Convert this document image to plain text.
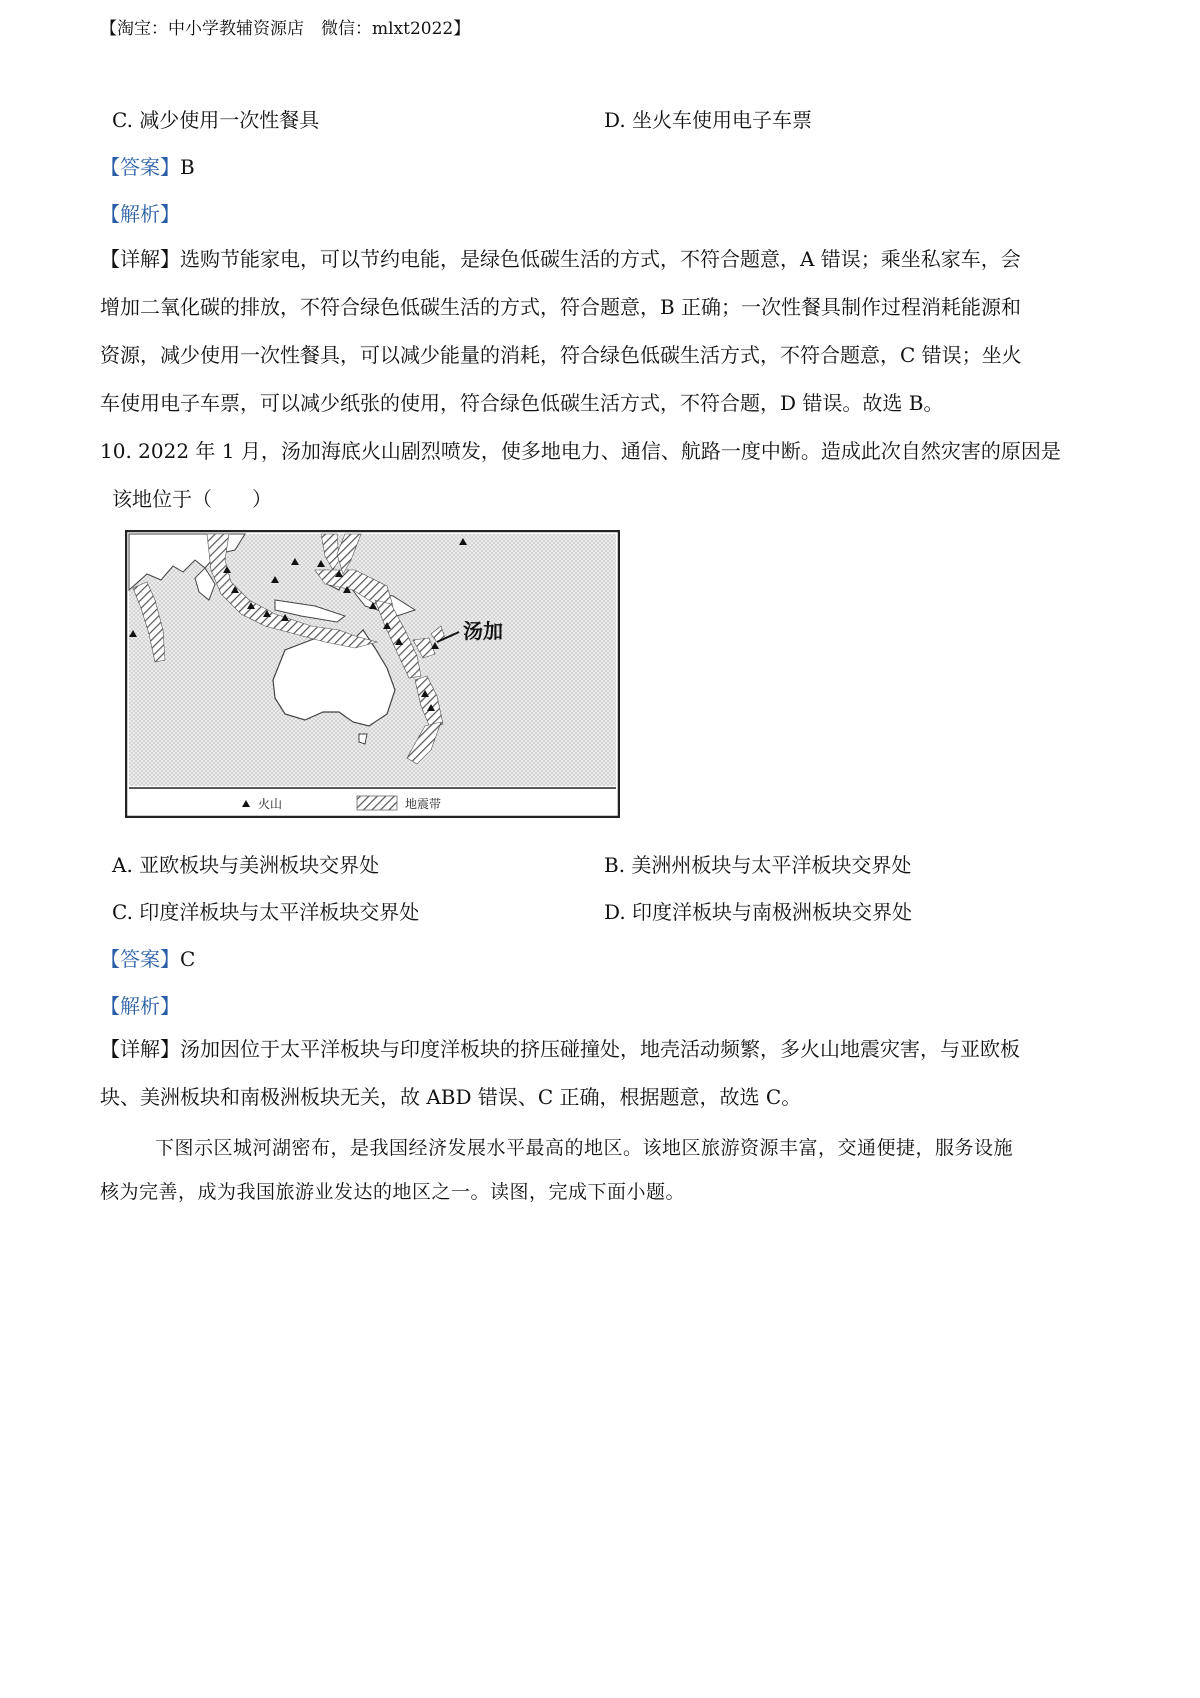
【淘宝：中小学教辅资源店　微信：mlxt2022】
C. 减少使用一次性餐具	D. 坐火车使用电子车票
【答案】B
【解析】
【详解】选购节能家电，可以节约电能，是绿色低碳生活的方式，不符合题意，A 错误；乘坐私家车，会
增加二氧化碳的排放，不符合绿色低碳生活的方式，符合题意，B 正确；一次性餐具制作过程消耗能源和
资源，减少使用一次性餐具，可以减少能量的消耗，符合绿色低碳生活方式，不符合题意，C 错误；坐火
车使用电子车票，可以减少纸张的使用，符合绿色低碳生活方式，不符合题，D 错误。故选 B。
10. 2022 年 1 月，汤加海底火山剧烈喷发，使多地电力、通信、航路一度中断。造成此次自然灾害的原因是
该地位于（　　）
汤加
火山	地震带
A. 亚欧板块与美洲板块交界处	B. 美洲州板块与太平洋板块交界处
C. 印度洋板块与太平洋板块交界处	D. 印度洋板块与南极洲板块交界处
【答案】C
【解析】
【详解】汤加因位于太平洋板块与印度洋板块的挤压碰撞处，地壳活动频繁，多火山地震灾害，与亚欧板
块、美洲板块和南极洲板块无关，故 ABD 错误、C 正确，根据题意，故选 C。
下图示区城河湖密布，是我国经济发展水平最高的地区。该地区旅游资源丰富，交通便捷，服务设施
核为完善，成为我国旅游业发达的地区之一。读图，完成下面小题。
